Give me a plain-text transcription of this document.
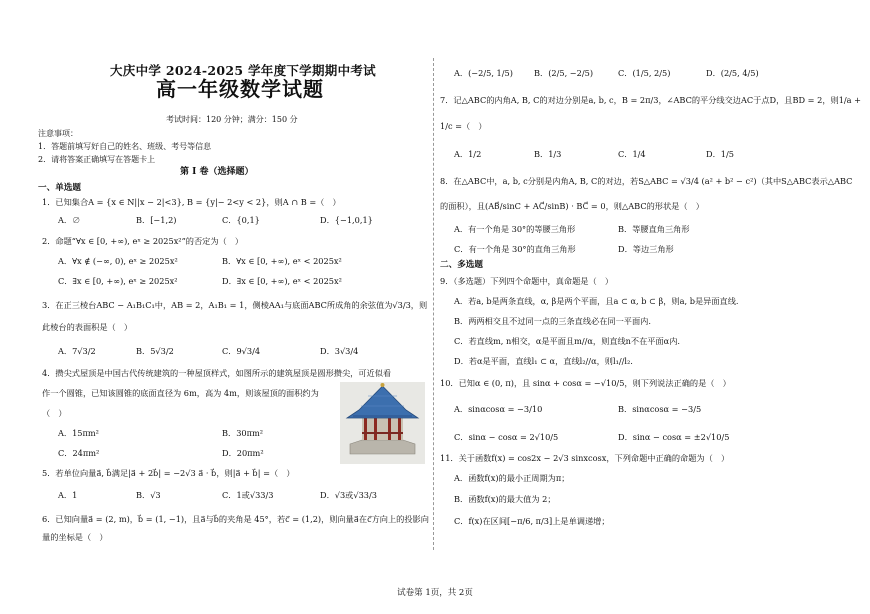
大庆中学 2024-2025 学年度下学期期中考试
高一年级数学试题
考试时间：120 分钟；满分：150 分
注意事项：
1．答题前填写好自己的姓名、班级、考号等信息
2．请将答案正确填写在答题卡上
第 I 卷（选择题）
一、单选题
1．已知集合A = {x ∈ N||x − 2|<3}, B = {y|− 2<y < 2}，则A ∩ B =（　）
A．∅	B．[−1,2)	C．{0,1}	D．{−1,0,1}
2．命题“∀x ∈ [0, +∞), eˣ ≥ 2025x²”的否定为（　）
A．∀x ∉ (−∞, 0), eˣ ≥ 2025x²	B．∀x ∈ [0, +∞), eˣ < 2025x²
C．∃x ∈ [0, +∞), eˣ ≥ 2025x²	D．∃x ∈ [0, +∞), eˣ < 2025x²
3．在正三棱台ABC − A₁B₁C₁中，AB = 2，A₁B₁ = 1，侧棱AA₁与底面ABC所成角的余弦值为√3/3，则
此棱台的表面积是（　）
A．7√3/2	B．5√3/2	C．9√3/4	D．3√3/4
4．攒尖式屋顶是中国古代传统建筑的一种屋顶样式，如图所示的建筑屋顶是圆形攒尖，可近似看
作一个圆锥，已知该圆锥的底面直径为 6m，高为 4m，则该屋顶的面积约为
（　）
A．15πm²	B．30πm²
C．24πm²	D．20πm²
5．若单位向量a⃗, b⃗满足|a⃗ + 2b⃗| = −2√3 a⃗ · b⃗，则|a⃗ + b⃗| =（　）
A．1	B．√3	C．1或√33/3	D．√3或√33/3
6．已知向量a⃗ = (2, m)，b⃗ = (1, −1)，且a⃗与b⃗的夹角是 45°，若c⃗ = (1,2)，则向量a⃗在c⃗方向上的投影向
量的坐标是（　）
A．(−2/5, 1/5)	B．(2/5, −2/5)	C．(1/5, 2/5)	D．(2/5, 4/5)
7．记△ABC的内角A, B, C的对边分别是a, b, c，B = 2π/3，∠ABC的平分线交边AC于点D，且BD = 2，则1/a +
1/c =（　）
A．1/2	B．1/3	C．1/4	D．1/5
8．在△ABC中，a, b, c分别是内角A, B, C的对边，若S△ABC = √3/4 (a² + b² − c²)（其中S△ABC表示△ABC
的面积），且(AB⃗/sinC + AC⃗/sinB) · BC⃗ = 0，则△ABC的形状是（　）
A．有一个角是 30°的等腰三角形	B．等腰直角三角形
C．有一个角是 30°的直角三角形	D．等边三角形
二、多选题
9．（多选题）下列四个命题中，真命题是（　）
A．若a, b是两条直线，α, β是两个平面，且a ⊂ α, b ⊂ β，则a, b是异面直线.
B．两两相交且不过同一点的三条直线必在同一平面内.
C．若直线m, n相交，α是平面且m//α，则直线n不在平面α内.
D．若α是平面，直线l₁ ⊂ α，直线l₂//α，则l₁//l₂.
10．已知α ∈ (0, π)，且 sinα + cosα = −√10/5，则下列说法正确的是（　）
A．sinαcosα = −3/10	B．sinαcosα = −3/5
C．sinα − cosα = 2√10/5	D．sinα − cosα = ±2√10/5
11．关于函数f(x) = cos2x − 2√3 sinxcosx，下列命题中正确的命题为（　）
A．函数f(x)的最小正周期为π；
B．函数f(x)的最大值为 2；
C．f(x)在区间[−π/6, π/3]上是单调递增；
试卷第 1页，共 2页
